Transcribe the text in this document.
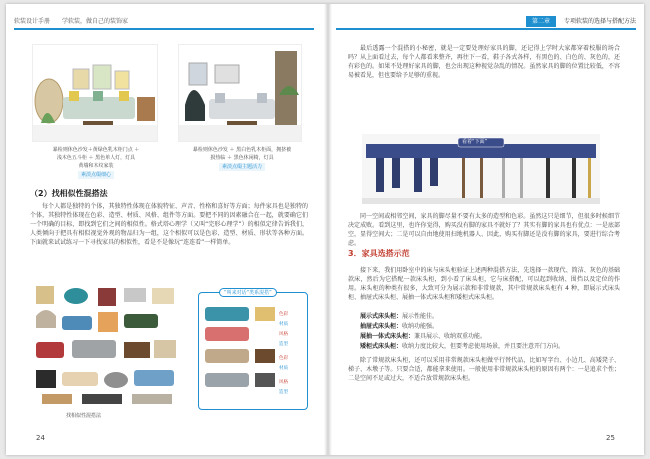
软装设计手册 学软装，做自己的装饰家	第二章 专项软装的选择与搭配方法
暴检则休色沙发＋黄绿色乳木柜门点 ＋
浅木色五斗柜 ＋ 黑色单人灯，灯具
黄墙和木纹家装
素淡点缀细心
暴检则休色沙发 ＋ 黑白色乳木柜面，拥挤被
损热临 ＋ 黑色休闲椅，灯具
素淡点缀主题活力
（2）找相似性混搭法
每个人都是独特的个体，其独特性体现在体貌特征、声音、性格和喜好等方面；每件家具也是独特的个体，其独特性体现在色彩、造型、材质、风格、组件等方面。要把不同的因素融合在一起，就要确它们一个明确的目标，即找到它们之间的相似性。格式塔心理学（又叫“完形心理学”）的相似定律告诉我们，人类倾向于把具有相似视觉外观的物品归为一组，这个相似可以是色彩、造型、材质、形状等各种方面。下面就来试试练习一下寻找家具的相似性，看是不是像玩“连连看”一样简单。
找相似性混搭法
“叫来对话“类系混搭”
色彩
材质
风格
造型
色彩
材质
风格
造型
24
最后透露一个混搭的小秘密，就是一定要处理好家具的脚，还记得上学时大家都穿着校服的场合吗？从上面看过去，每个人都看来整齐，再往下一看，鞋子各式各样，有黑色的、白色的、灰色的，还有彩色的。如果不处理好家具的脚，也会出现这种视觉杂乱的情况。虽然家具的脚的位置比较低，不容易被看见，但也要给予足够的重视。
看着“下面”
同一空间或相邻空间，家具的脚尽量不要有太多的造型和色彩。虽然这只是细节，但很多时候细节决定成败。看到这里，也许你觉得，购买没有脚的家具不就好了？其实有脚的家具也有优点：一是底部空，显得空间大；二是可以自由地使用扫地机器人、因此，购买有脚还是没有脚的家具，要进行综合考虑。
3．家具选搭示范
接下来，我们用卧室中的床与床头柜验证上述两种混搭方法，先选择一款现代、简洁、灰色的基础款床，然后为它搭配一款床头柜，到小看了床头柜，它与床搭配，可以起到收纳、围挡以及定位的作用。床头柜的种类有很多，大致可分为展示款和非常规款，其中常规款床头柜有 4 种，即展示式床头柜、抽屉式床头柜、展抽一体式床头柜和矮柜式床头柜。
展示式床头柜：展示性能佳。
抽屉式床头柜：收纳功能强。
展抽一体式床头柜：兼具展示、收纳双重功能。
矮柜式床头柜：收纳力度比较大，但要考虑使用场景，并且要注意开门方向。
除了常规款床头柜，还可以采用非常规款床头柜做平行替代品，比如写字台、小边几、高矮凳子、梯子、木墩子等。只要合适，都能拿来使用。一般使用非常规款床头柜的原因有两个：一是追求个性；二是空间不足或过大，不适合放常规款床头柜。
25
